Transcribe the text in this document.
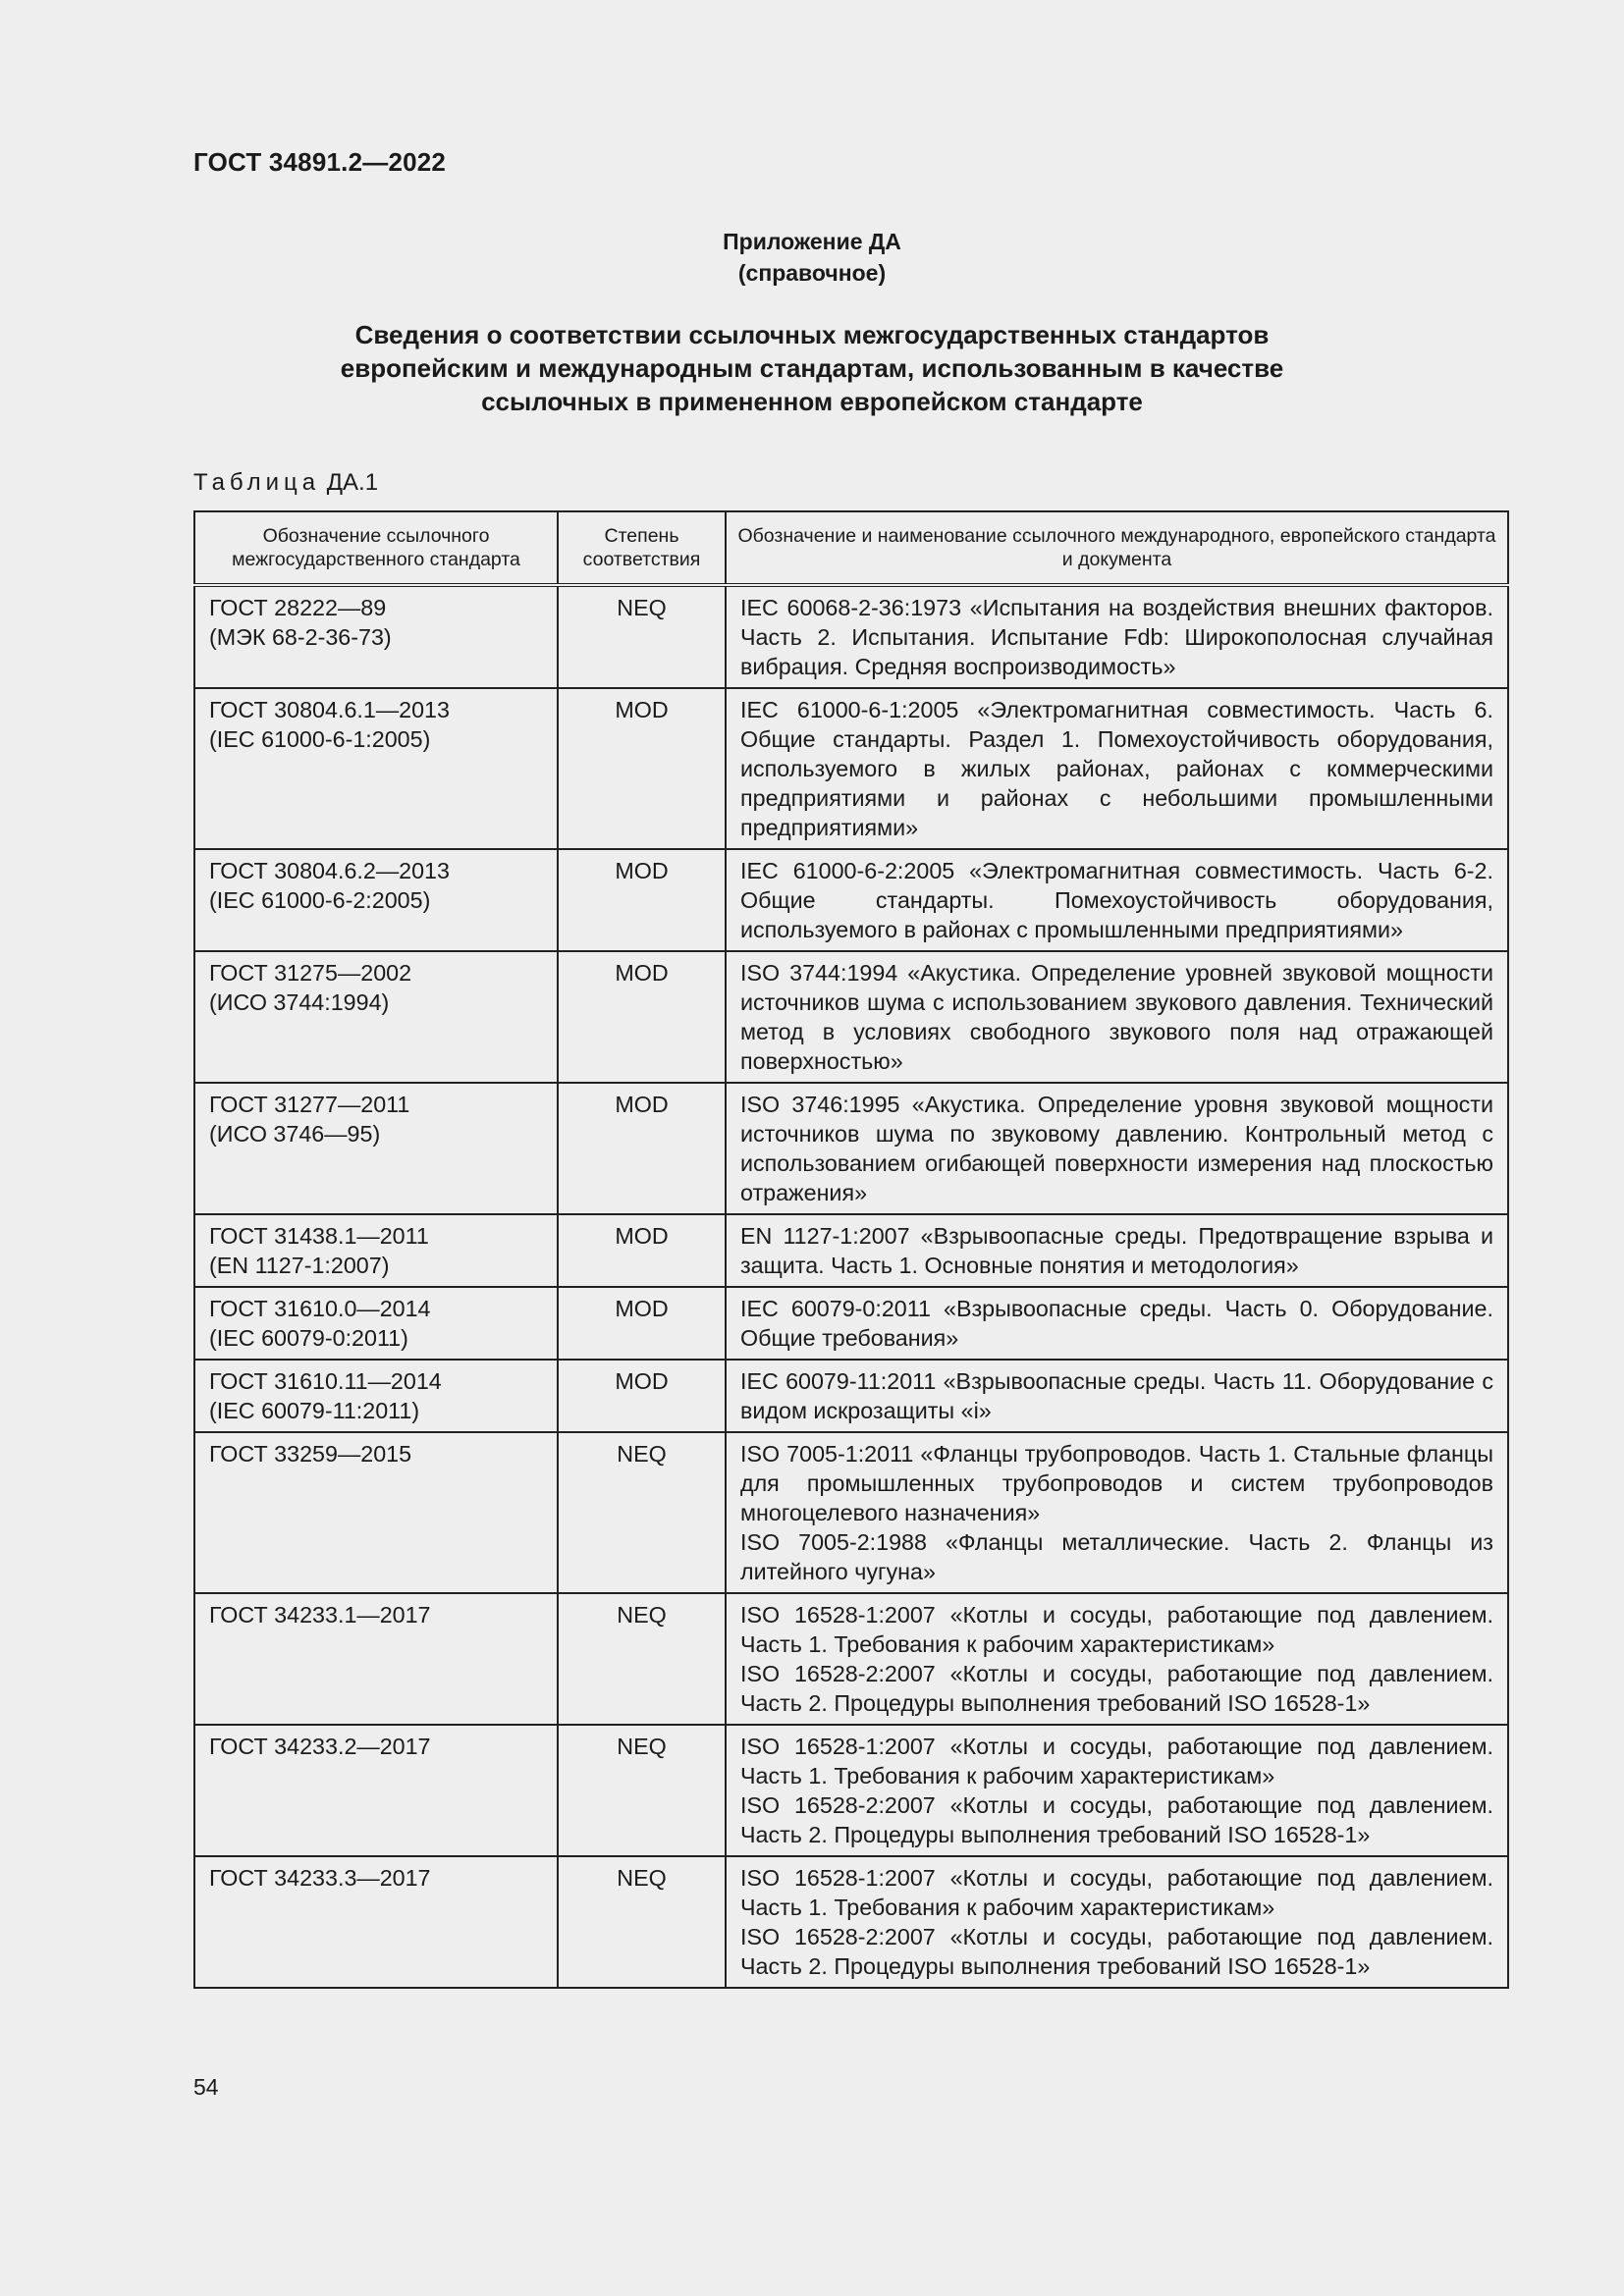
ГОСТ 34891.2—2022
Приложение ДА
(справочное)
Сведения о соответствии ссылочных межгосударственных стандартов
европейским и международным стандартам, использованным в качестве
ссылочных в примененном европейском стандарте
Таблица ДА.1
Обозначение ссылочного межгосударственного стандарта	Степень соответствия	Обозначение и наименование ссылочного международного, европейского стандарта и документа
ГОСТ 28222—89
(МЭК 68-2-36-73)	NEQ	IEC 60068-2-36:1973 «Испытания на воздействия внешних факторов. Часть 2. Испытания. Испытание Fdb: Широкополосная случайная вибрация. Средняя воспроизводимость»
ГОСТ 30804.6.1—2013
(IEC 61000-6-1:2005)	MOD	IEC 61000-6-1:2005 «Электромагнитная совместимость. Часть 6. Общие стандарты. Раздел 1. Помехоустойчивость оборудования, используемого в жилых районах, районах с коммерческими предприятиями и районах с небольшими промышленными предприятиями»
ГОСТ 30804.6.2—2013
(IEC 61000-6-2:2005)	MOD	IEC 61000-6-2:2005 «Электромагнитная совместимость. Часть 6-2. Общие стандарты. Помехоустойчивость оборудования, используемого в районах с промышленными предприятиями»
ГОСТ 31275—2002
(ИСО 3744:1994)	MOD	ISO 3744:1994 «Акустика. Определение уровней звуковой мощности источников шума с использованием звукового давления. Технический метод в условиях свободного звукового поля над отражающей поверхностью»
ГОСТ 31277—2011
(ИСО 3746—95)	MOD	ISO 3746:1995 «Акустика. Определение уровня звуковой мощности источников шума по звуковому давлению. Контрольный метод с использованием огибающей поверхности измерения над плоскостью отражения»
ГОСТ 31438.1—2011
(EN 1127-1:2007)	MOD	EN 1127-1:2007 «Взрывоопасные среды. Предотвращение взрыва и защита. Часть 1. Основные понятия и методология»
ГОСТ 31610.0—2014
(IEC 60079-0:2011)	MOD	IEC 60079-0:2011 «Взрывоопасные среды. Часть 0. Оборудование. Общие требования»
ГОСТ 31610.11—2014
(IEC 60079-11:2011)	MOD	IEC 60079-11:2011 «Взрывоопасные среды. Часть 11. Оборудование с видом искрозащиты «i»
ГОСТ 33259—2015	NEQ	ISO 7005-1:2011 «Фланцы трубопроводов. Часть 1. Стальные фланцы для промышленных трубопроводов и систем трубопроводов многоцелевого назначения»
ISO 7005-2:1988 «Фланцы металлические. Часть 2. Фланцы из литейного чугуна»
ГОСТ 34233.1—2017	NEQ	ISO 16528-1:2007 «Котлы и сосуды, работающие под давлением. Часть 1. Требования к рабочим характеристикам»
ISO 16528-2:2007 «Котлы и сосуды, работающие под давлением. Часть 2. Процедуры выполнения требований ISO 16528-1»
ГОСТ 34233.2—2017	NEQ	ISO 16528-1:2007 «Котлы и сосуды, работающие под давлением. Часть 1. Требования к рабочим характеристикам»
ISO 16528-2:2007 «Котлы и сосуды, работающие под давлением. Часть 2. Процедуры выполнения требований ISO 16528-1»
ГОСТ 34233.3—2017	NEQ	ISO 16528-1:2007 «Котлы и сосуды, работающие под давлением. Часть 1. Требования к рабочим характеристикам»
ISO 16528-2:2007 «Котлы и сосуды, работающие под давлением. Часть 2. Процедуры выполнения требований ISO 16528-1»
54
